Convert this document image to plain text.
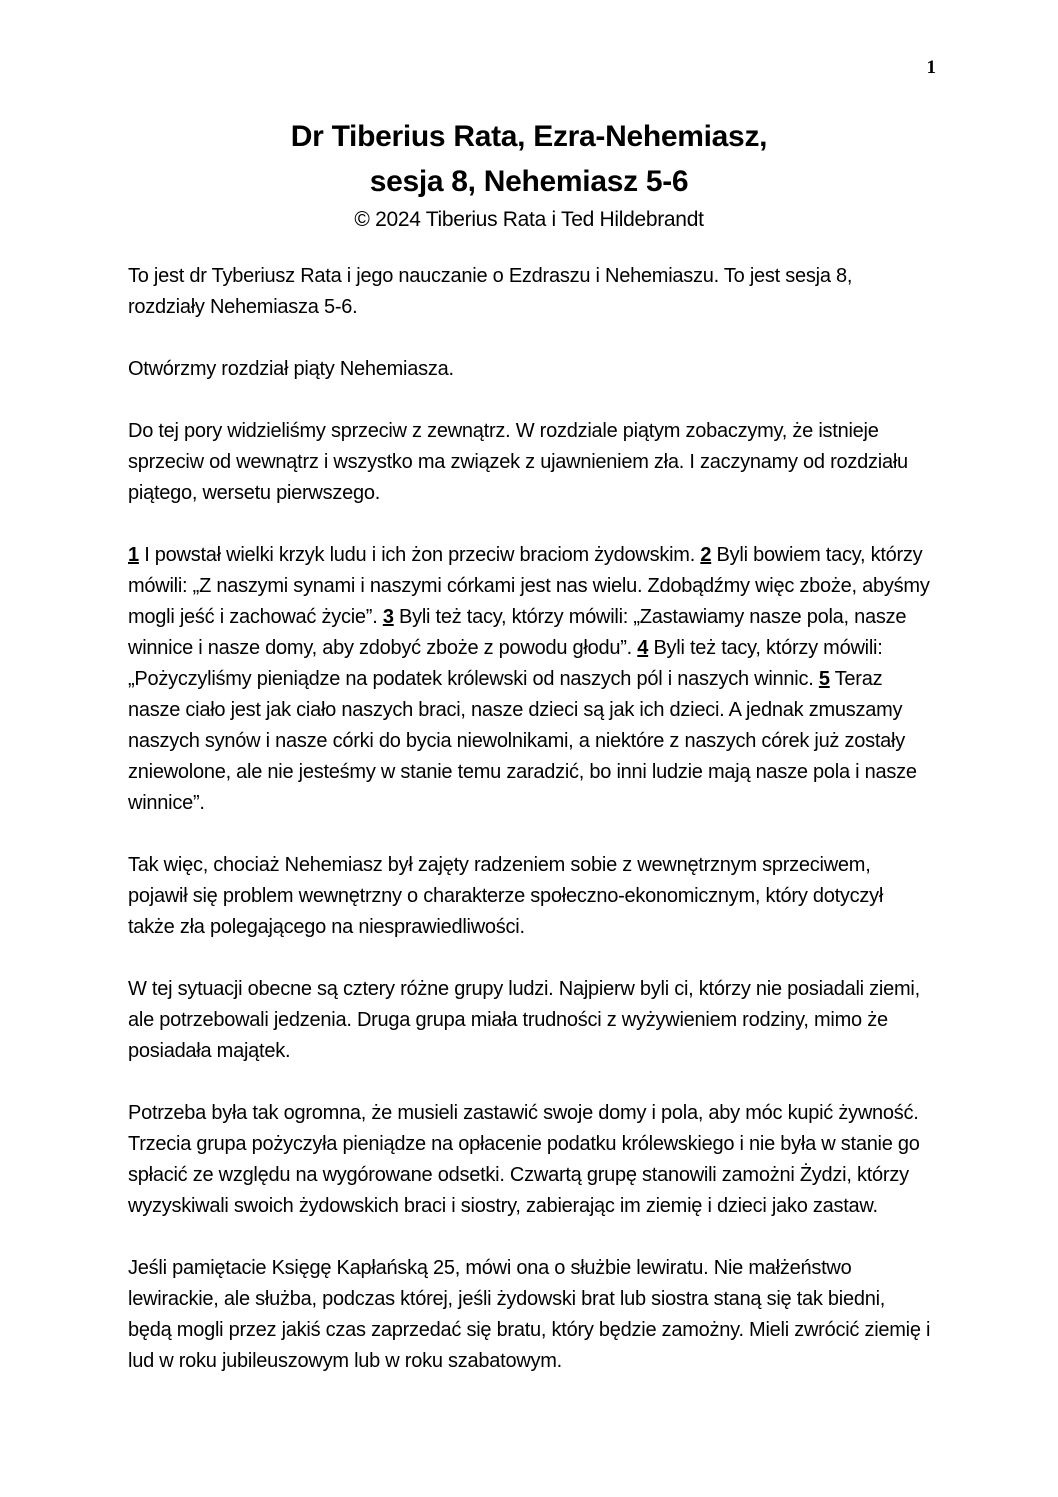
1
Dr Tiberius Rata, Ezra-Nehemiasz,
sesja 8, Nehemiasz 5-6
© 2024 Tiberius Rata i Ted Hildebrandt

To jest dr Tyberiusz Rata i jego nauczanie o Ezdraszu i Nehemiaszu. To jest sesja 8, rozdziały Nehemiasza 5-6.

Otwórzmy rozdział piąty Nehemiasza.

Do tej pory widzieliśmy sprzeciw z zewnątrz. W rozdziale piątym zobaczymy, że istnieje sprzeciw od wewnątrz i wszystko ma związek z ujawnieniem zła. I zaczynamy od rozdziału piątego, wersetu pierwszego.

1 I powstał wielki krzyk ludu i ich żon przeciw braciom żydowskim. 2 Byli bowiem tacy, którzy mówili: „Z naszymi synami i naszymi córkami jest nas wielu. Zdobądźmy więc zboże, abyśmy mogli jeść i zachować życie”. 3 Byli też tacy, którzy mówili: „Zastawiamy nasze pola, nasze winnice i nasze domy, aby zdobyć zboże z powodu głodu”. 4 Byli też tacy, którzy mówili: „Pożyczyliśmy pieniądze na podatek królewski od naszych pól i naszych winnic. 5 Teraz nasze ciało jest jak ciało naszych braci, nasze dzieci są jak ich dzieci. A jednak zmuszamy naszych synów i nasze córki do bycia niewolnikami, a niektóre z naszych córek już zostały zniewolone, ale nie jesteśmy w stanie temu zaradzić, bo inni ludzie mają nasze pola i nasze winnice”.

Tak więc, chociaż Nehemiasz był zajęty radzeniem sobie z wewnętrznym sprzeciwem, pojawił się problem wewnętrzny o charakterze społeczno-ekonomicznym, który dotyczył także zła polegającego na niesprawiedliwości.

W tej sytuacji obecne są cztery różne grupy ludzi. Najpierw byli ci, którzy nie posiadali ziemi, ale potrzebowali jedzenia. Druga grupa miała trudności z wyżywieniem rodziny, mimo że posiadała majątek.

Potrzeba była tak ogromna, że musieli zastawić swoje domy i pola, aby móc kupić żywność. Trzecia grupa pożyczyła pieniądze na opłacenie podatku królewskiego i nie była w stanie go spłacić ze względu na wygórowane odsetki. Czwartą grupę stanowili zamożni Żydzi, którzy wyzyskiwali swoich żydowskich braci i siostry, zabierając im ziemię i dzieci jako zastaw.

Jeśli pamiętacie Księgę Kapłańską 25, mówi ona o służbie lewiratu. Nie małżeństwo lewirackie, ale służba, podczas której, jeśli żydowski brat lub siostra staną się tak biedni, będą mogli przez jakiś czas zaprzedać się bratu, który będzie zamożny. Mieli zwrócić ziemię i lud w roku jubileuszowym lub w roku szabatowym.
